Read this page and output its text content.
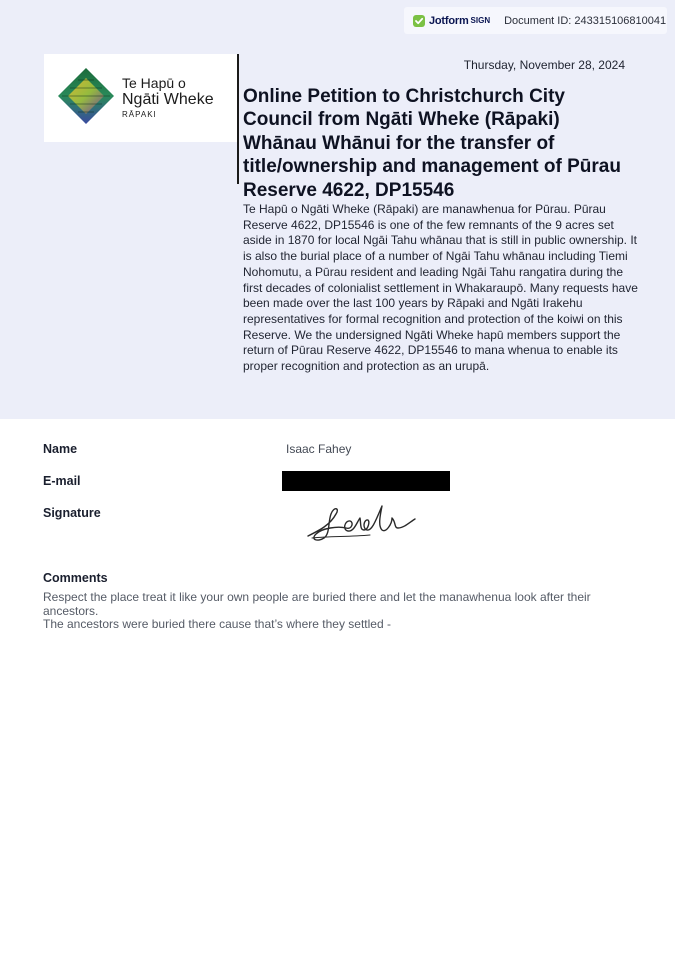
Jotform SIGN Document ID: 243315106810041
Te Hapū o
Ngāti Wheke
RĀPAKI
Thursday, November 28, 2024
Online Petition to Christchurch City Council from Ngāti Wheke (Rāpaki) Whānau Whānui for the transfer of title/ownership and management of Pūrau Reserve 4622, DP15546
Te Hapū o Ngāti Wheke (Rāpaki) are manawhenua for Pūrau. Pūrau Reserve 4622, DP15546 is one of the few remnants of the 9 acres set aside in 1870 for local Ngāi Tahu whānau that is still in public ownership. It is also the burial place of a number of Ngāi Tahu whānau including Tiemi Nohomutu, a Pūrau resident and leading Ngāi Tahu rangatira during the first decades of colonialist settlement in Whakaraupō. Many requests have been made over the last 100 years by Rāpaki and Ngāti Irakehu representatives for formal recognition and protection of the koiwi on this Reserve. We the undersigned Ngāti Wheke hapū members support the return of Pūrau Reserve 4622, DP15546 to mana whenua to enable its proper recognition and protection as an urupā.
Name	Isaac Fahey
E-mail
Signature
Comments

Respect the place treat it like your own people are buried there and let the manawhenua look after their ancestors.

The ancestors were buried there cause that’s where they settled -
